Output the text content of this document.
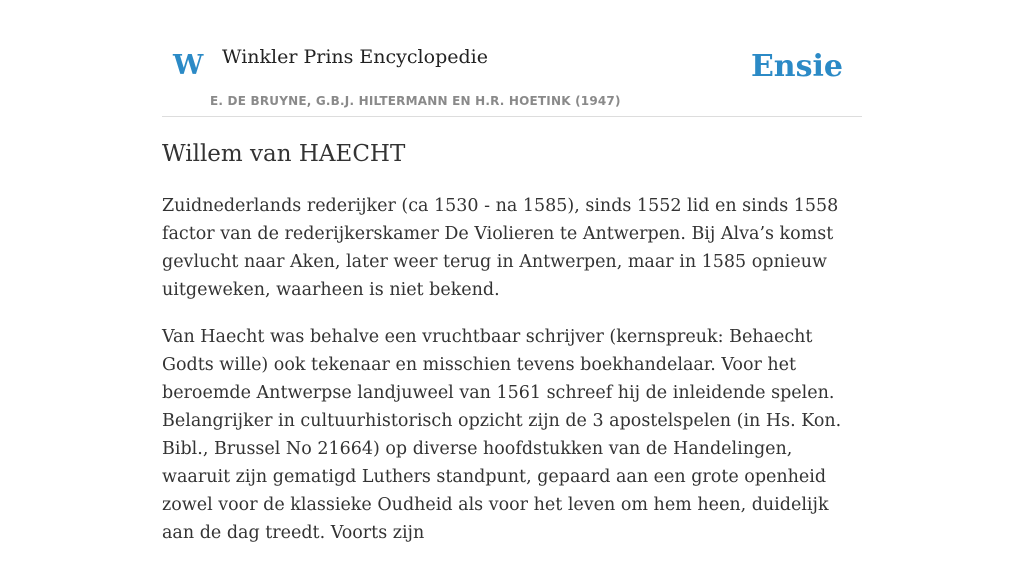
W Winkler Prins Encyclopedie
E. DE BRUYNE, G.B.J. HILTERMANN EN H.R. HOETINK (1947)
Ensie
Willem van HAECHT

Zuidnederlands rederijker (ca 1530 - na 1585), sinds 1552 lid en sinds 1558 factor van de rederijkerskamer De Violieren te Antwerpen. Bij Alva’s komst gevlucht naar Aken, later weer terug in Antwerpen, maar in 1585 opnieuw uitgeweken, waarheen is niet bekend.

Van Haecht was behalve een vruchtbaar schrijver (kernspreuk: Behaecht Godts wille) ook tekenaar en misschien tevens boekhandelaar. Voor het beroemde Antwerpse landjuweel van 1561 schreef hij de inleidende spelen. Belangrijker in cultuurhistorisch opzicht zijn de 3 apostelspelen (in Hs. Kon. Bibl., Brussel No 21664) op diverse hoofdstukken van de Handelingen, waaruit zijn gematigd Luthers standpunt, gepaard aan een grote openheid zowel voor de klassieke Oudheid als voor het leven om hem heen, duidelijk aan de dag treedt. Voorts zijn
